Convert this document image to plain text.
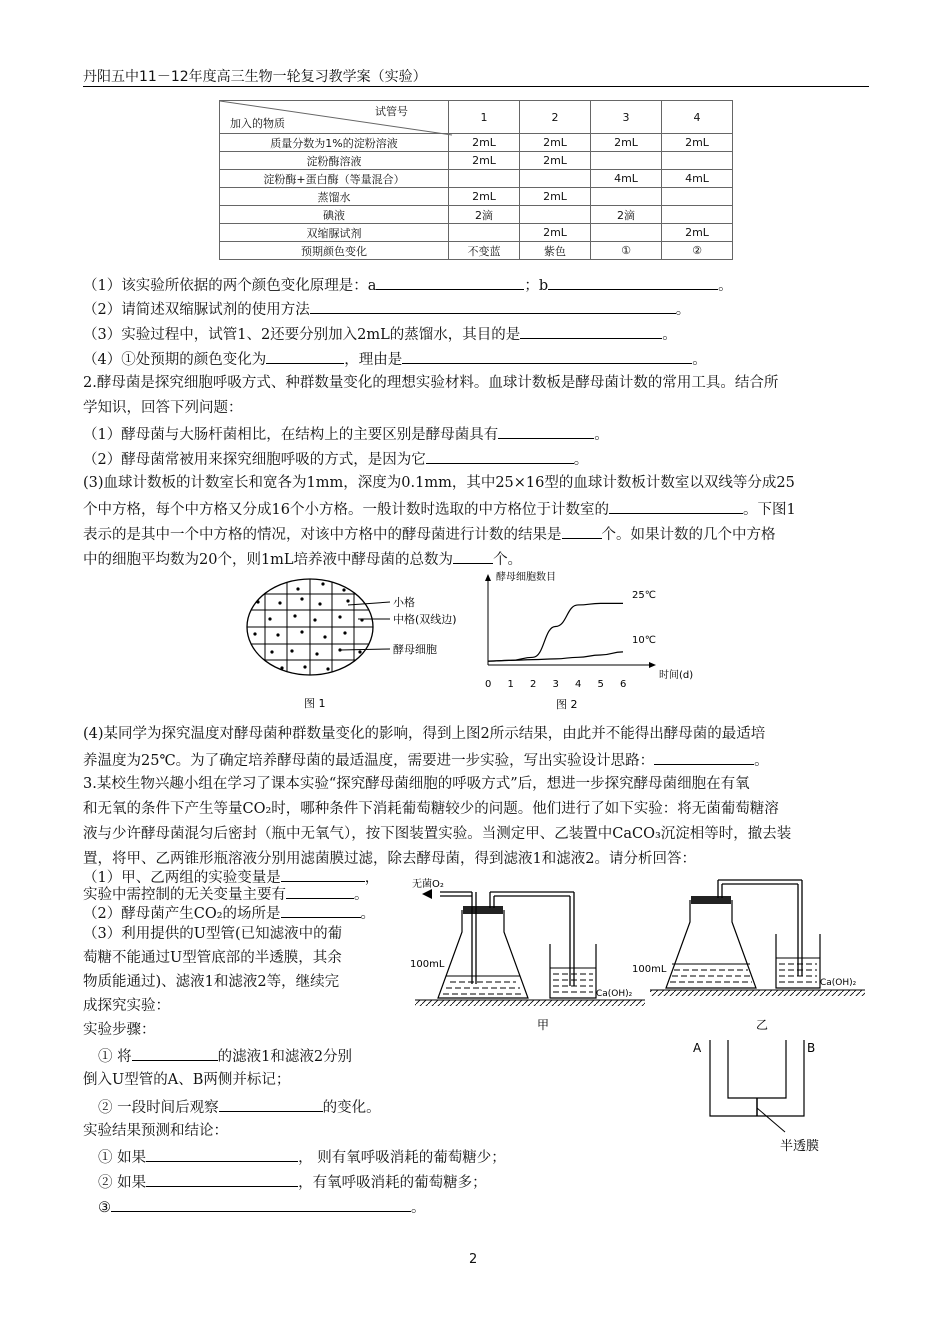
丹阳五中11－12年度高三生物一轮复习教学案（实验）
试管号
加入的物质	1	2	3	4
质量分数为1%的淀粉溶液	2mL	2mL	2mL	2mL
淀粉酶溶液	2mL	2mL		
淀粉酶+蛋白酶（等量混合）			4mL	4mL
蒸馏水	2mL	2mL		
碘液	2滴		2滴	
双缩脲试剂		2mL		2mL
预期颜色变化	不变蓝	紫色	①	②
（1）该实验所依据的两个颜色变化原理是：a	；b	。
（2）请简述双缩脲试剂的使用方法	。
（3）实验过程中，试管1、2还要分别加入2mL的蒸馏水，其目的是	。
（4）①处预期的颜色变化为	，理由是	。
2.酵母菌是探究细胞呼吸方式、种群数量变化的理想实验材料。血球计数板是酵母菌计数的常用工具。结合所
学知识，回答下列问题：
（1）酵母菌与大肠杆菌相比，在结构上的主要区别是酵母菌具有	。
（2）酵母菌常被用来探究细胞呼吸的方式，是因为它	。
(3)血球计数板的计数室长和宽各为1mm，深度为0.1mm，其中25×16型的血球计数板计数室以双线等分成25
个中方格，每个中方格又分成16个小方格。一般计数时选取的中方格位于计数室的	。下图1
表示的是其中一个中方格的情况，对该中方格中的酵母菌进行计数的结果是	个。如果计数的几个中方格
中的细胞平均数为20个，则1mL培养液中酵母菌的总数为	个。
小格
中格(双线边)
酵母细胞
图 1
酵母细胞数目
时间(d)
0 1 2 3 4 5 6
25℃
10℃
图 2
(4)某同学为探究温度对酵母菌种群数量变化的影响，得到上图2所示结果，由此并不能得出酵母菌的最适培
养温度为25℃。为了确定培养酵母菌的最适温度，需要进一步实验，写出实验设计思路：	。
3.某校生物兴趣小组在学习了课本实验“探究酵母菌细胞的呼吸方式”后，想进一步探究酵母菌细胞在有氧
和无氧的条件下产生等量CO₂时，哪种条件下消耗葡萄糖较少的问题。他们进行了如下实验：将无菌葡萄糖溶
液与少许酵母菌混匀后密封（瓶中无氧气），按下图装置实验。当测定甲、乙装置中CaCO₃沉淀相等时，撤去装
置，将甲、乙两锥形瓶溶液分别用滤菌膜过滤，除去酵母菌，得到滤液1和滤液2。请分析回答：
（1）甲、乙两组的实验变量是	，
实验中需控制的无关变量主要有	。
（2）酵母菌产生CO₂的场所是	。
（3）利用提供的U型管(已知滤液中的葡
萄糖不能通过U型管底部的半透膜，其余
物质能通过)、滤液1和滤液2等，继续完
成探究实验：
实验步骤：
① 将	的滤液1和滤液2分别
倒入U型管的A、B两侧并标记；
② 一段时间后观察	的变化。
实验结果预测和结论：
① 如果	， 则有氧呼吸消耗的葡萄糖少；
② 如果	，有氧呼吸消耗的葡萄糖多；
③	。
无菌O₂
100mL
Ca(OH)₂
甲
100mL
Ca(OH)₂
乙
A	B
半透膜
2
